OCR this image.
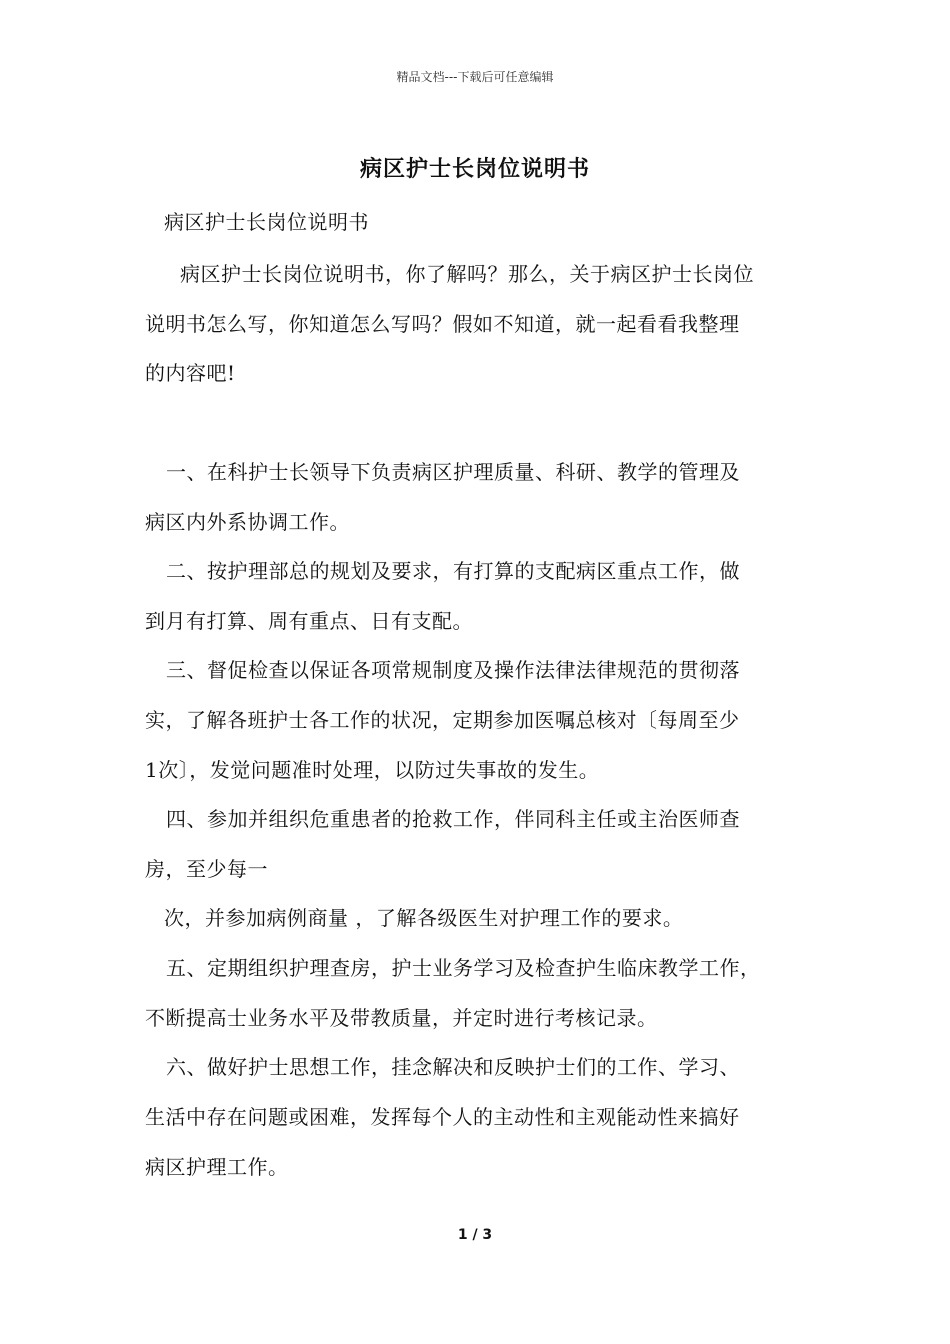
精品文档---下载后可任意编辑
病区护士长岗位说明书
病区护士长岗位说明书
病区护士长岗位说明书，你了解吗？那么，关于病区护士长岗位
说明书怎么写，你知道怎么写吗？假如不知道，就一起看看我整理
的内容吧!
一、在科护士长领导下负责病区护理质量、科研、教学的管理及
病区内外系协调工作。
二、按护理部总的规划及要求，有打算的支配病区重点工作，做
到月有打算、周有重点、日有支配。
三、督促检查以保证各项常规制度及操作法律法律规范的贯彻落
实，了解各班护士各工作的状况，定期参加医嘱总核对〔每周至少
1次〕，发觉问题准时处理，以防过失事故的发生。
四、参加并组织危重患者的抢救工作，伴同科主任或主治医师查
房，至少每一
次，并参加病例商量 ，了解各级医生对护理工作的要求。
五、定期组织护理查房，护士业务学习及检查护生临床教学工作，
不断提高士业务水平及带教质量，并定时进行考核记录。
六、做好护士思想工作，挂念解决和反映护士们的工作、学习、
生活中存在问题或困难，发挥每个人的主动性和主观能动性来搞好
病区护理工作。
1 / 3
